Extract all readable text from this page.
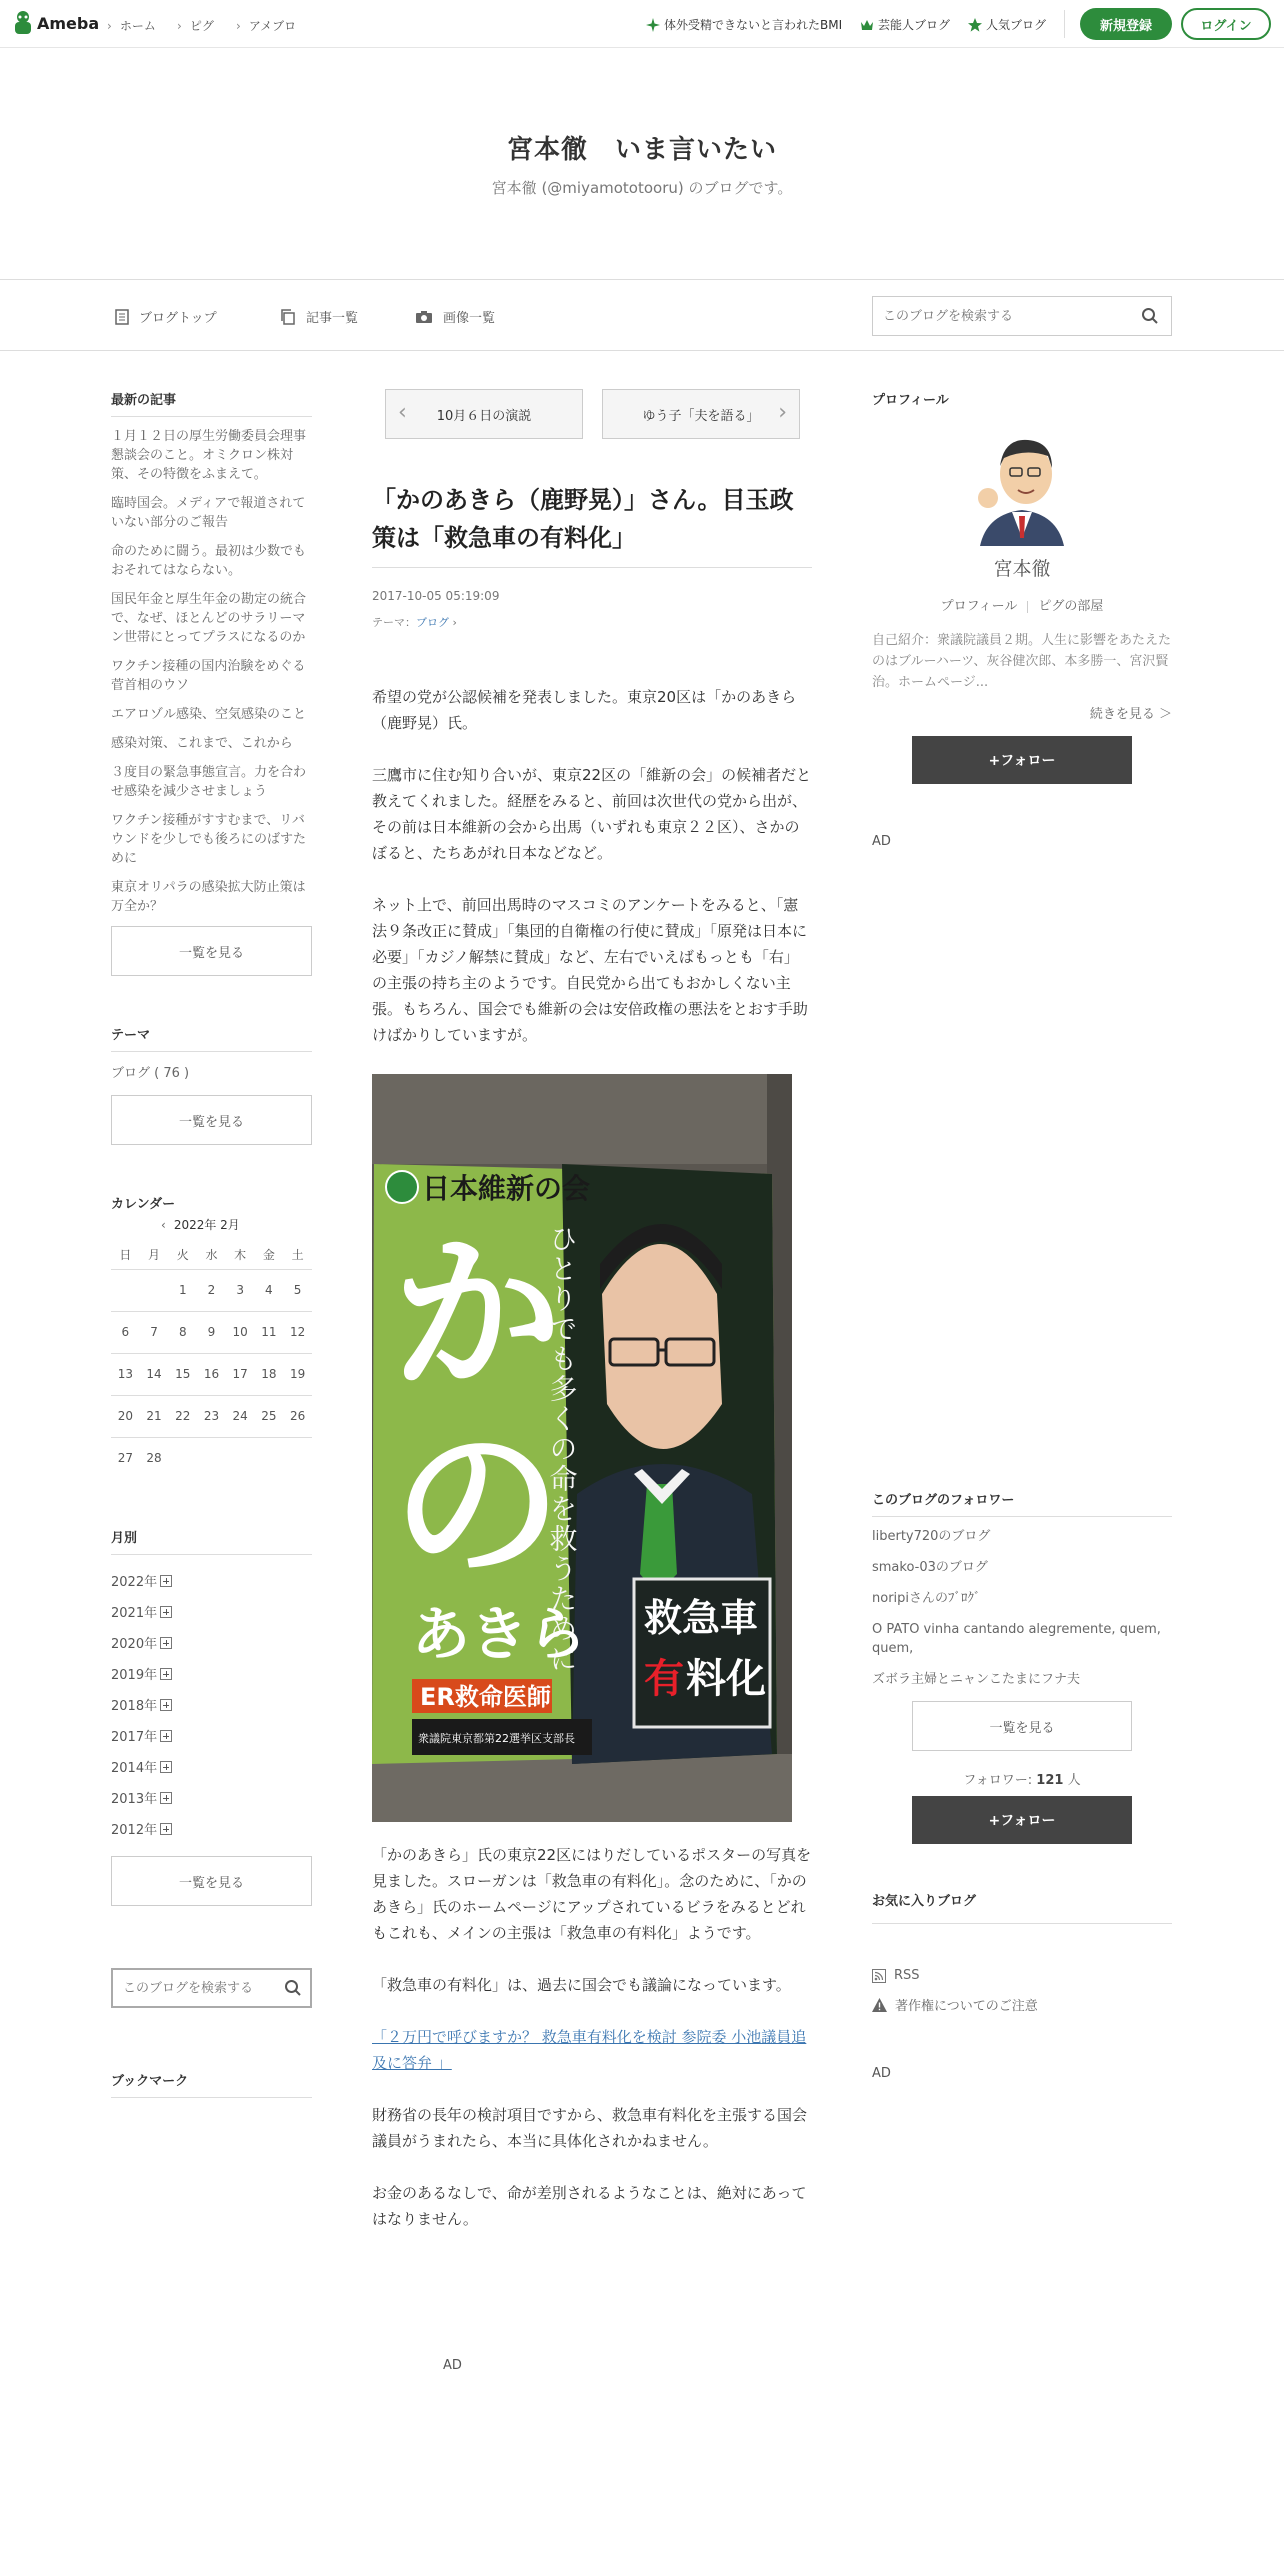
Ameba	› ホーム	› ピグ	› アメブロ	体外受精できないと言われたBMI	芸能人ブログ	人気ブログ	新規登録	ログイン
宮本徹　いま言いたい

宮本徹 (@miyamototooru) のブログです。

ブログトップ	記事一覧	画像一覧
このブログを検索する
最新の記事
１月１２日の厚生労働委員会理事懇談会のこと。オミクロン株対策、その特徴をふまえて。
臨時国会。メディアで報道されていない部分のご報告
命のために闘う。最初は少数でもおそれてはならない。
国民年金と厚生年金の勘定の統合で、なぜ、ほとんどのサラリーマン世帯にとってプラスになるのか
ワクチン接種の国内治験をめぐる菅首相のウソ
エアロゾル感染、空気感染のこと
感染対策、これまで、これから
３度目の緊急事態宣言。力を合わせ感染を減少させましょう
ワクチン接種がすすむまで、リバウンドを少しでも後ろにのばすために
東京オリパラの感染拡大防止策は万全か？
一覧を見る
テーマ
ブログ ( 76 )
一覧を見る
カレンダー
‹ 2022年 2月
日	月	火	水	木	金	土
		1	2	3	4	5
6	7	8	9	10	11	12
13	14	15	16	17	18	19
20	21	22	23	24	25	26
27	28					
月別
2022年
2021年
2020年
2019年
2018年
2017年
2014年
2013年
2012年
一覧を見る
このブログを検索する
ブックマーク
‹ 10月６日の演説	ゆう子「夫を語る」 ›
「かのあきら（鹿野晃）」さん。目玉政策は「救急車の有料化」
2017-10-05 05:19:09
テーマ：ブログ ›

希望の党が公認候補を発表しました。東京20区は「かのあきら（鹿野晃）氏。

三鷹市に住む知り合いが、東京22区の「維新の会」の候補者だと教えてくれました。経歴をみると、前回は次世代の党から出が、その前は日本維新の会から出馬（いずれも東京２２区）、さかのぼると、たちあがれ日本などなど。

ネット上で、前回出馬時のマスコミのアンケートをみると、「憲法９条改正に賛成」「集団的自衛権の行使に賛成」「原発は日本に必要」「カジノ解禁に賛成」など、左右でいえばもっとも「右」の主張の持ち主のようです。自民党から出てもおかしくない主張。もちろん、国会でも維新の会は安倍政権の悪法をとおす手助けばかりしていますが。

日本維新の会
か
の
ひとりでも多くの命を救うために
あきら
ER救命医師
衆議院東京都第22選挙区支部長
救急車
有 料化

「かのあきら」氏の東京22区にはりだしているポスターの写真を見ました。スローガンは「救急車の有料化」。念のために、「かのあきら」氏のホームページにアップされているビラをみるとどれもこれも、メインの主張は「救急車の有料化」ようです。

「救急車の有料化」は、過去に国会でも議論になっています。

「２万円で呼びますか？ 救急車有料化を検討 参院委 小池議員追及に答弁 」

財務省の長年の検討項目ですから、救急車有料化を主張する国会議員がうまれたら、本当に具体化されかねません。

お金のあるなしで、命が差別されるようなことは、絶対にあってはなりません。

AD
プロフィール
宮本徹
プロフィール ピグの部屋
自己紹介：衆議院議員２期。人生に影響をあたえたのはブルーハーツ、灰谷健次郎、本多勝一、宮沢賢治。ホームページ...
続きを見る ＞
+フォロー
AD
このブログのフォロワー
liberty720のブログ
smako-03のブログ
noripiさんのﾌﾞﾛｸﾞ
O PATO vinha cantando alegremente, quem, quem,
ズボラ主婦とニャンこたまにフナ夫
一覧を見る
フォロワー: 121 人
+フォロー
お気に入りブログ
RSS
著作権についてのご注意
AD
